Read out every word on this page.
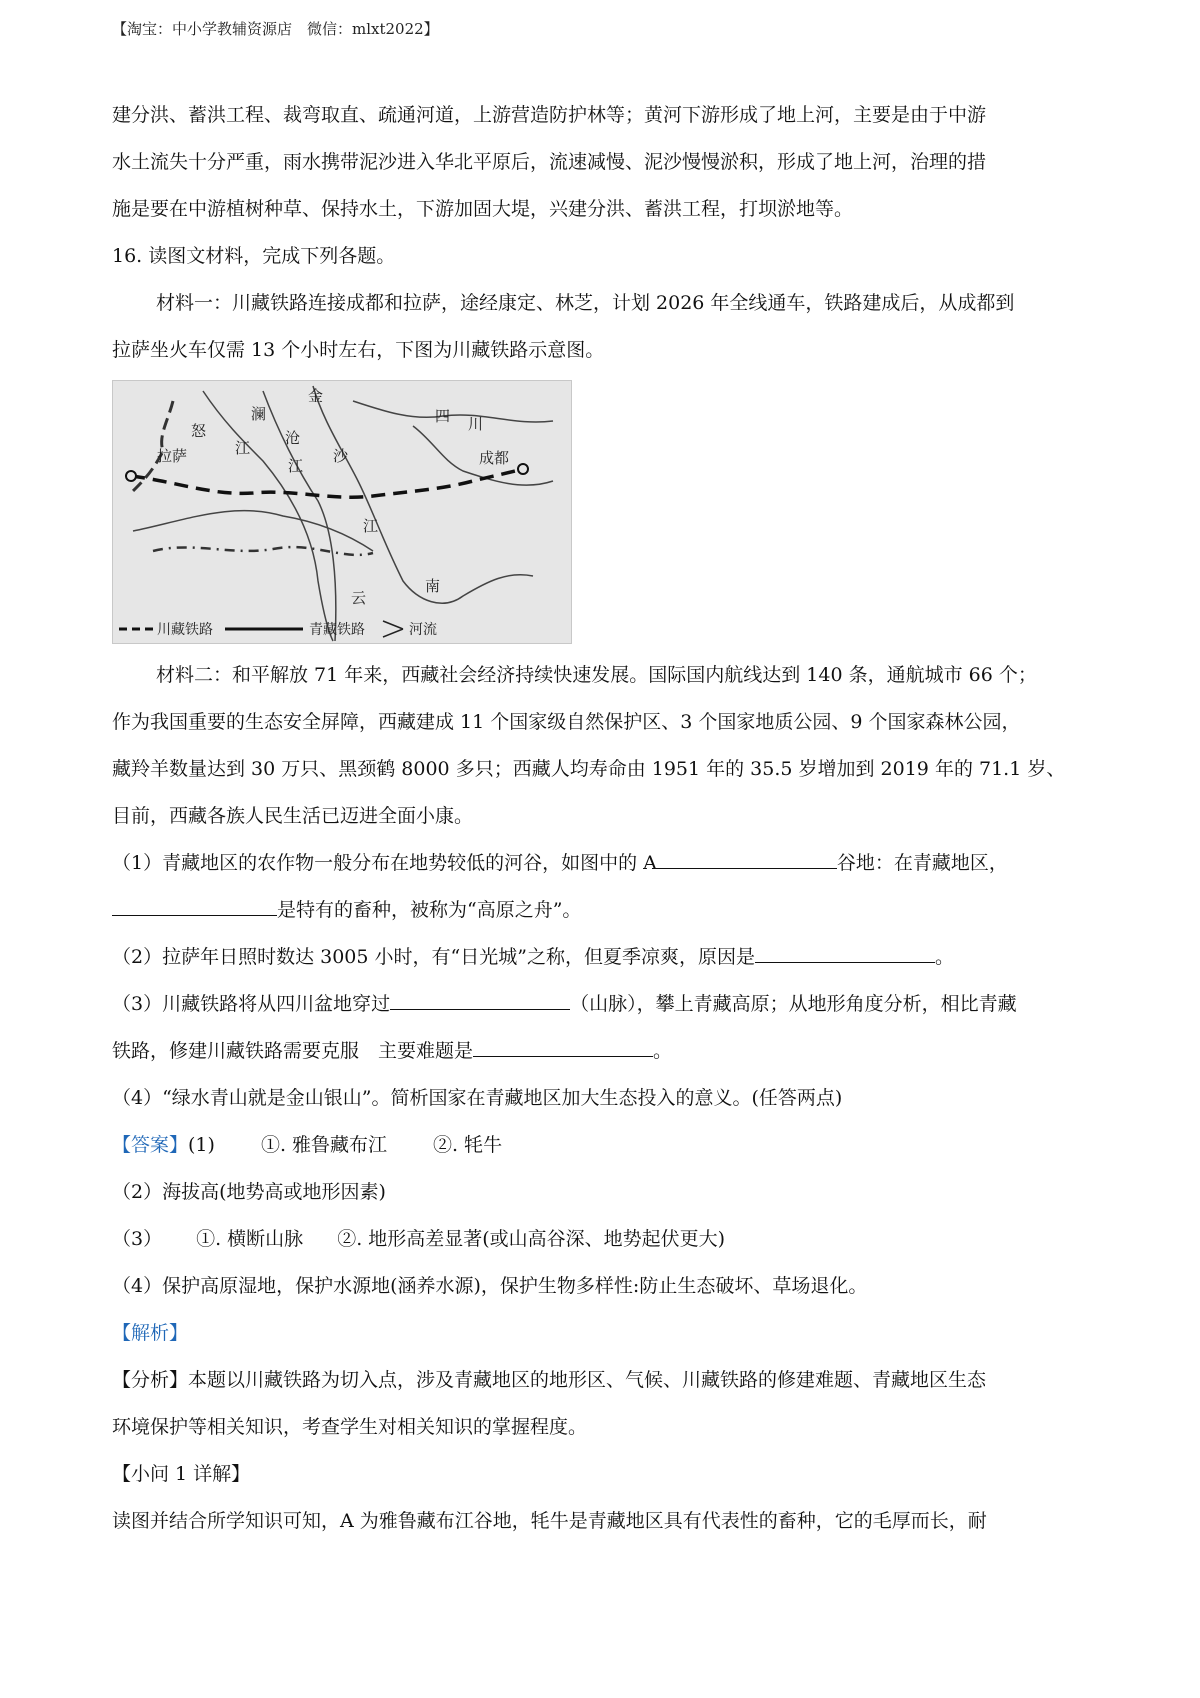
【淘宝：中小学教辅资源店　微信：mlxt2022】

建分洪、蓄洪工程、裁弯取直、疏通河道，上游营造防护林等；黄河下游形成了地上河，主要是由于中游

水土流失十分严重，雨水携带泥沙进入华北平原后，流速减慢、泥沙慢慢淤积，形成了地上河，治理的措

施是要在中游植树种草、保持水土，下游加固大堤，兴建分洪、蓄洪工程，打坝淤地等。

16. 读图文材料，完成下列各题。

材料一：川藏铁路连接成都和拉萨，途经康定、林芝，计划 2026 年全线通车，铁路建成后，从成都到

拉萨坐火车仅需 13 个小时左右，下图为川藏铁路示意图。

拉萨
怒
江
澜
沧
江
金
沙
江
四 川
成都
云
南
川藏铁路	青藏铁路	河流

材料二：和平解放 71 年来，西藏社会经济持续快速发展。国际国内航线达到 140 条，通航城市 66 个；

作为我国重要的生态安全屏障，西藏建成 11 个国家级自然保护区、3 个国家地质公园、9 个国家森林公园，

藏羚羊数量达到 30 万只、黑颈鹤 8000 多只；西藏人均寿命由 1951 年的 35.5 岁增加到 2019 年的 71.1 岁、

目前，西藏各族人民生活已迈进全面小康。

（1）青藏地区的农作物一般分布在地势较低的河谷，如图中的 A	谷地：在青藏地区，

是特有的畜种，被称为“高原之舟”。

（2）拉萨年日照时数达 3005 小时，有“日光城”之称，但夏季凉爽，原因是	。

（3）川藏铁路将从四川盆地穿过	（山脉），攀上青藏高原；从地形角度分析，相比青藏

铁路，修建川藏铁路需要克服　主要难题是	。

（4）“绿水青山就是金山银山”。简析国家在青藏地区加大生态投入的意义。(任答两点)

【答案】(1) ①. 雅鲁藏布江 ②. 牦牛

（2）海拔高(地势高或地形因素)

（3） ①. 横断山脉 ②. 地形高差显著(或山高谷深、地势起伏更大)

（4）保护高原湿地，保护水源地(涵养水源)，保护生物多样性:防止生态破坏、草场退化。

【解析】

【分析】本题以川藏铁路为切入点，涉及青藏地区的地形区、气候、川藏铁路的修建难题、青藏地区生态

环境保护等相关知识，考查学生对相关知识的掌握程度。

【小问 1 详解】

读图并结合所学知识可知，A 为雅鲁藏布江谷地，牦牛是青藏地区具有代表性的畜种，它的毛厚而长，耐
